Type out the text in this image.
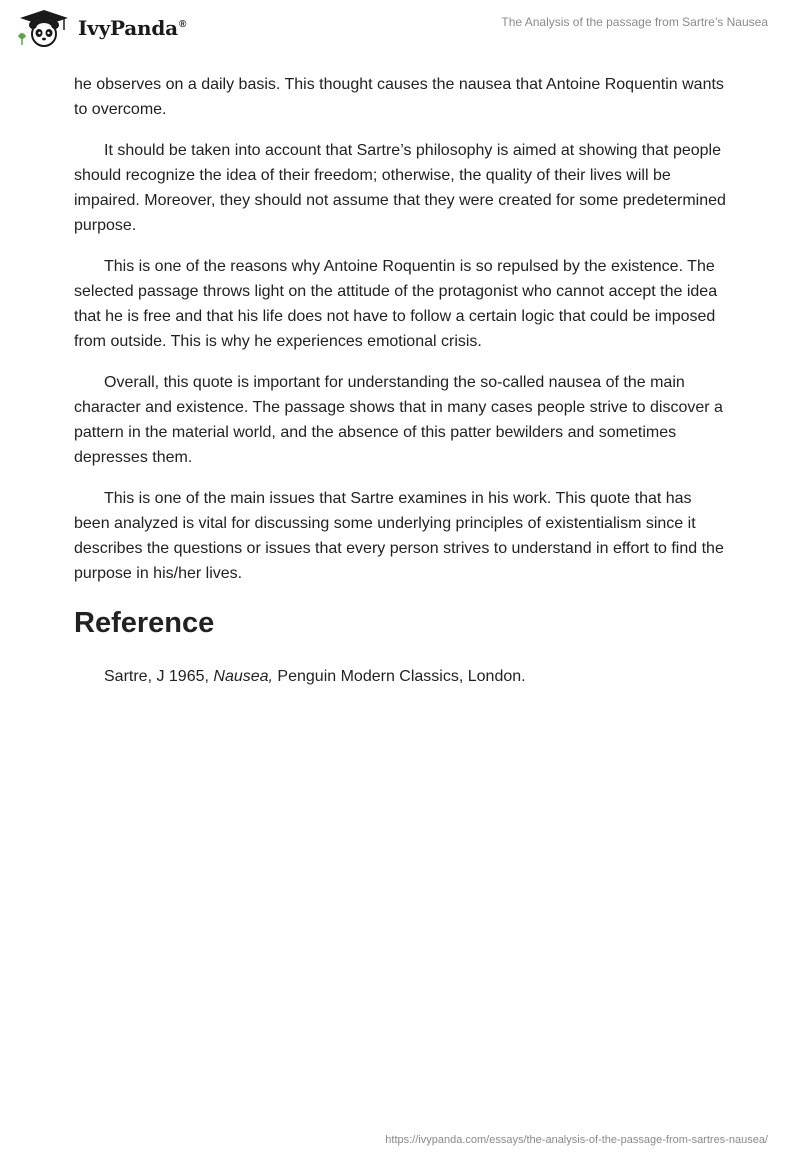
IvyPanda®	The Analysis of the passage from Sartre’s Nausea

he observes on a daily basis. This thought causes the nausea that Antoine Roquentin wants to overcome.

It should be taken into account that Sartre’s philosophy is aimed at showing that people should recognize the idea of their freedom; otherwise, the quality of their lives will be impaired. Moreover, they should not assume that they were created for some predetermined purpose.

This is one of the reasons why Antoine Roquentin is so repulsed by the existence. The selected passage throws light on the attitude of the protagonist who cannot accept the idea that he is free and that his life does not have to follow a certain logic that could be imposed from outside. This is why he experiences emotional crisis.

Overall, this quote is important for understanding the so-called nausea of the main character and existence. The passage shows that in many cases people strive to discover a pattern in the material world, and the absence of this patter bewilders and sometimes depresses them.

This is one of the main issues that Sartre examines in his work. This quote that has been analyzed is vital for discussing some underlying principles of existentialism since it describes the questions or issues that every person strives to understand in effort to find the purpose in his/her lives.

Reference

Sartre, J 1965, Nausea, Penguin Modern Classics, London.

https://ivypanda.com/essays/the-analysis-of-the-passage-from-sartres-nausea/
